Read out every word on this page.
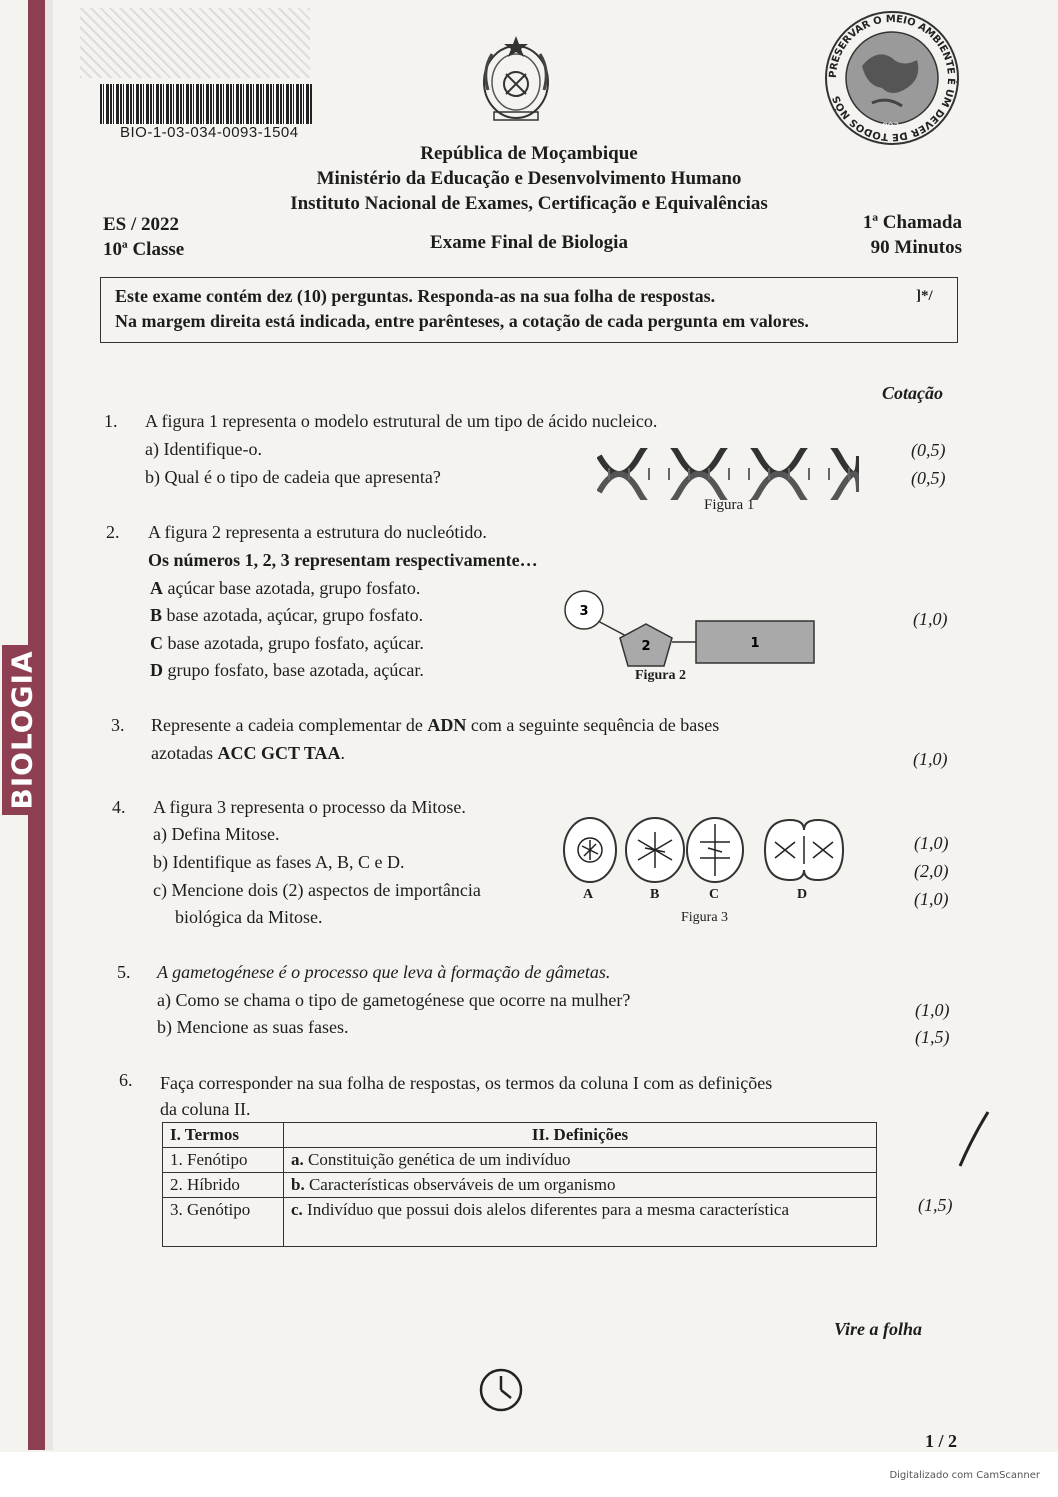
BIOLOGIA
BIO-1-03-034-0093-1504
PRESERVAR O MEIO AMBIENTE É UM DEVER DE TODOS NÓS
093
República de Moçambique
Ministério da Educação e Desenvolvimento Humano
Instituto Nacional de Exames, Certificação e Equivalências
ES / 2022
10ª Classe	Exame Final de Biologia
1ª Chamada
90 Minutos

Este exame contém dez (10) perguntas. Responda-as na sua folha de respostas.

Na margem direita está indicada, entre parênteses, a cotação de cada pergunta em valores.

]*/

Cotação
1. A figura 1 representa o modelo estrutural de um tipo de ácido nucleico.
a) Identifique-o.
b) Qual é o tipo de cadeia que apresenta?
Figura 1
(0,5)
(0,5)
2. A figura 2 representa a estrutura do nucleótido.
Os números 1, 2, 3 representam respectivamente…
A açúcar base azotada, grupo fosfato.
B base azotada, açúcar, grupo fosfato.
C base azotada, grupo fosfato, açúcar.
D grupo fosfato, base azotada, açúcar.
3
2	1
Figura 2
(1,0)
3. Represente a cadeia complementar de ADN com a seguinte sequência de bases
azotadas ACC GCT TAA.	(1,0)
4. A figura 3 representa o processo da Mitose.
a) Defina Mitose.
b) Identifique as fases A, B, C e D.
c) Mencione dois (2) aspectos de importância
biológica da Mitose.
A	B	C	D
Figura 3
(1,0)
(2,0)
(1,0)
5. A gametogénese é o processo que leva à formação de gâmetas.
a) Como se chama o tipo de gametogénese que ocorre na mulher?
b) Mencione as suas fases.
(1,0)
(1,5)
6. Faça corresponder na sua folha de respostas, os termos da coluna I com as definições
da coluna II.
I. Termos	II. Definições
1. Fenótipo	a. Constituição genética de um indivíduo
2. Híbrido	b. Características observáveis de um organismo
3. Genótipo	c. Indivíduo que possui dois alelos diferentes para a mesma característica	(1,5)
Vire a folha
1 / 2
Digitalizado com CamScanner
